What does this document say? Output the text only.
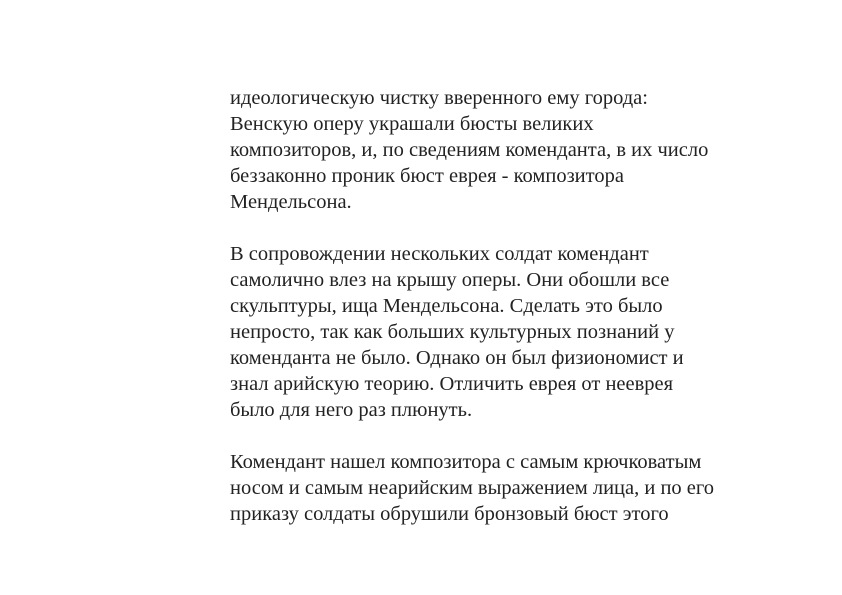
идеологическую чистку вверенного ему города:
Венскую оперу украшали бюсты великих
композиторов, и, по сведениям коменданта, в их число
беззаконно проник бюст еврея - композитора
Мендельсона.

В сопровождении нескольких солдат комендант
самолично влез на крышу оперы. Они обошли все
скульптуры, ища Мендельсона. Сделать это было
непросто, так как больших культурных познаний у
коменданта не было. Однако он был физиономист и
знал арийскую теорию. Отличить еврея от нееврея
было для него раз плюнуть.

Комендант нашел композитора с самым крючковатым
носом и самым неарийским выражением лица, и по его
приказу солдаты обрушили бронзовый бюст этого
